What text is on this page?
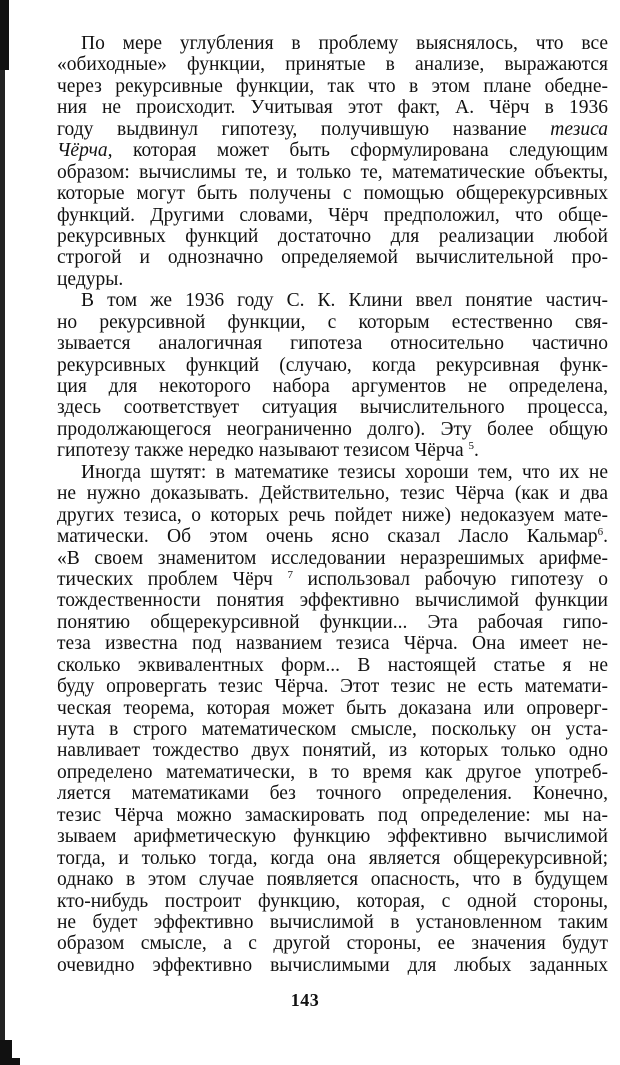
По мере углубления в проблему выяснялось, что все
«обиходные» функции, принятые в анализе, выражаются
через рекурсивные функции, так что в этом плане обедне-
ния не происходит. Учитывая этот факт, А. Чёрч в 1936
году выдвинул гипотезу, получившую название тезиса
Чёрча, которая может быть сформулирована следующим
образом: вычислимы те, и только те, математические объекты,
которые могут быть получены с помощью общерекурсивных
функций. Другими словами, Чёрч предположил, что обще-
рекурсивных функций достаточно для реализации любой
строгой и однозначно определяемой вычислительной про-
цедуры.
В том же 1936 году С. К. Клини ввел понятие частич-
но рекурсивной функции, с которым естественно свя-
зывается аналогичная гипотеза относительно частично
рекурсивных функций (случаю, когда рекурсивная функ-
ция для некоторого набора аргументов не определена,
здесь соответствует ситуация вычислительного процесса,
продолжающегося неограниченно долго). Эту более общую
гипотезу также нередко называют тезисом Чёрча $^5$.
Иногда шутят: в математике тезисы хороши тем, что их не
не нужно доказывать. Действительно, тезис Чёрча (как и два
других тезиса, о которых речь пойдет ниже) недоказуем мате-
матически. Об этом очень ясно сказал Ласло Кальмар$^6$.
«В своем знаменитом исследовании неразрешимых арифме-
тических проблем Чёрч $^7$ использовал рабочую гипотезу о
тождественности понятия эффективно вычислимой функции
понятию общерекурсивной функции... Эта рабочая гипо-
теза известна под названием тезиса Чёрча. Она имеет не-
сколько эквивалентных форм... В настоящей статье я не
буду опровергать тезис Чёрча. Этот тезис не есть математи-
ческая теорема, которая может быть доказана или опроверг-
нута в строго математическом смысле, поскольку он уста-
навливает тождество двух понятий, из которых только одно
определено математически, в то время как другое употреб-
ляется математиками без точного определения. Конечно,
тезис Чёрча можно замаскировать под определение: мы на-
зываем арифметическую функцию эффективно вычислимой
тогда, и только тогда, когда она является общерекурсивной;
однако в этом случае появляется опасность, что в будущем
кто-нибудь построит функцию, которая, с одной стороны,
не будет эффективно вычислимой в установленном таким
образом смысле, а с другой стороны, ее значения будут
очевидно эффективно вычислимыми для любых заданных
143
